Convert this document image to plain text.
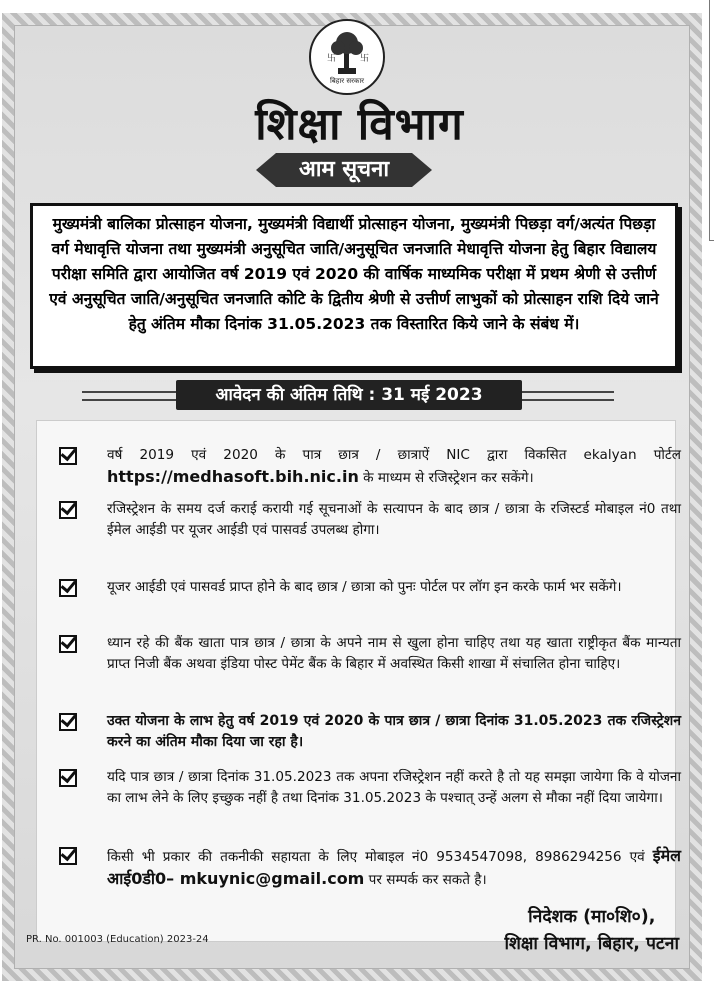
卐	卐
बिहार सरकार
शिक्षा विभाग
आम सूचना

मुख्यमंत्री बालिका प्रोत्साहन योजना, मुख्यमंत्री विद्यार्थी प्रोत्साहन योजना, मुख्यमंत्री पिछड़ा वर्ग/अत्यंत पिछड़ा वर्ग मेधावृत्ति योजना तथा मुख्यमंत्री अनुसूचित जाति/अनुसूचित जनजाति मेधावृत्ति योजना हेतु बिहार विद्यालय परीक्षा समिति द्वारा आयोजित वर्ष 2019 एवं 2020 की वार्षिक माध्यमिक परीक्षा में प्रथम श्रेणी से उत्तीर्ण एवं अनुसूचित जाति/अनुसूचित जनजाति कोटि के द्वितीय श्रेणी से उत्तीर्ण लाभुकों को प्रोत्साहन राशि दिये जाने हेतु अंतिम मौका दिनांक 31.05.2023 तक विस्तारित किये जाने के संबंध में।

आवेदन की अंतिम तिथि : 31 मई 2023
वर्ष 2019 एवं 2020 के पात्र छात्र / छात्राऐं NIC द्वारा विकसित ekalyan पोर्टल https://medhasoft.bih.nic.in के माध्यम से रजिस्ट्रेशन कर सकेंगे।
रजिस्ट्रेशन के समय दर्ज कराई करायी गई सूचनाओं के सत्यापन के बाद छात्र / छात्रा के रजिस्टर्ड मोबाइल नं0 तथा ईमेल आईडी पर यूजर आईडी एवं पासवर्ड उपलब्ध होगा।
यूजर आईडी एवं पासवर्ड प्राप्त होने के बाद छात्र / छात्रा को पुनः पोर्टल पर लॉग इन करके फार्म भर सकेंगे।
ध्यान रहे की बैंक खाता पात्र छात्र / छात्रा के अपने नाम से खुला होना चाहिए तथा यह खाता राष्ट्रीकृत बैंक मान्यता प्राप्त निजी बैंक अथवा इंडिया पोस्ट पेमेंट बैंक के बिहार में अवस्थित किसी शाखा में संचालित होना चाहिए।
उक्त योजना के लाभ हेतु वर्ष 2019 एवं 2020 के पात्र छात्र / छात्रा दिनांक 31.05.2023 तक रजिस्ट्रेशन करने का अंतिम मौका दिया जा रहा है।
यदि पात्र छात्र / छात्रा दिनांक 31.05.2023 तक अपना रजिस्ट्रेशन नहीं करते है तो यह समझा जायेगा कि वे योजना का लाभ लेने के लिए इच्छुक नहीं है तथा दिनांक 31.05.2023 के पश्चात् उन्हें अलग से मौका नहीं दिया जायेगा।
किसी भी प्रकार की तकनीकी सहायता के लिए मोबाइल नं0 9534547098, 8986294256 एवं ईमेल आई0डी0– mkuynic@gmail.com पर सम्पर्क कर सकते है।
PR. No. 001003 (Education) 2023-24
निदेशक (मा०शि०),
शिक्षा विभाग, बिहार, पटना
